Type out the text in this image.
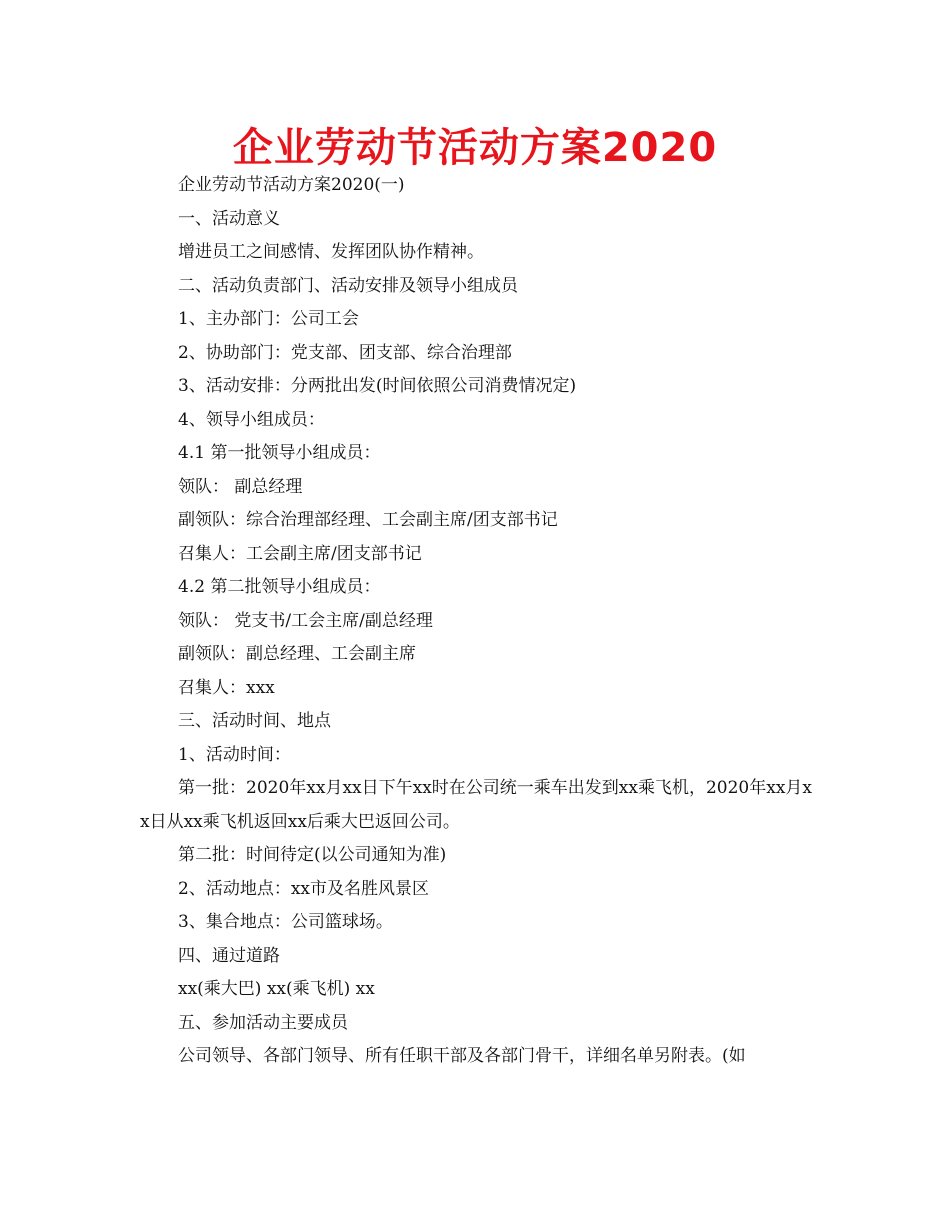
企业劳动节活动方案2020

企业劳动节活动方案2020(一)

一、活动意义

增进员工之间感情、发挥团队协作精神。

二、活动负责部门、活动安排及领导小组成员

1、主办部门：公司工会

2、协助部门：党支部、团支部、综合治理部

3、活动安排：分两批出发(时间依照公司消费情况定)

4、领导小组成员：

4.1 第一批领导小组成员：

领队： 副总经理

副领队：综合治理部经理、工会副主席/团支部书记

召集人：工会副主席/团支部书记

4.2 第二批领导小组成员：

领队： 党支书/工会主席/副总经理

副领队：副总经理、工会副主席

召集人：xxx

三、活动时间、地点

1、活动时间：

第一批：2020年xx月xx日下午xx时在公司统一乘车出发到xx乘飞机，2020年xx月xx日从xx乘飞机返回xx后乘大巴返回公司。

第二批：时间待定(以公司通知为准)

2、活动地点：xx市及名胜风景区

3、集合地点：公司篮球场。

四、通过道路

xx(乘大巴) xx(乘飞机) xx

五、参加活动主要成员

公司领导、各部门领导、所有任职干部及各部门骨干，详细名单另附表。(如
